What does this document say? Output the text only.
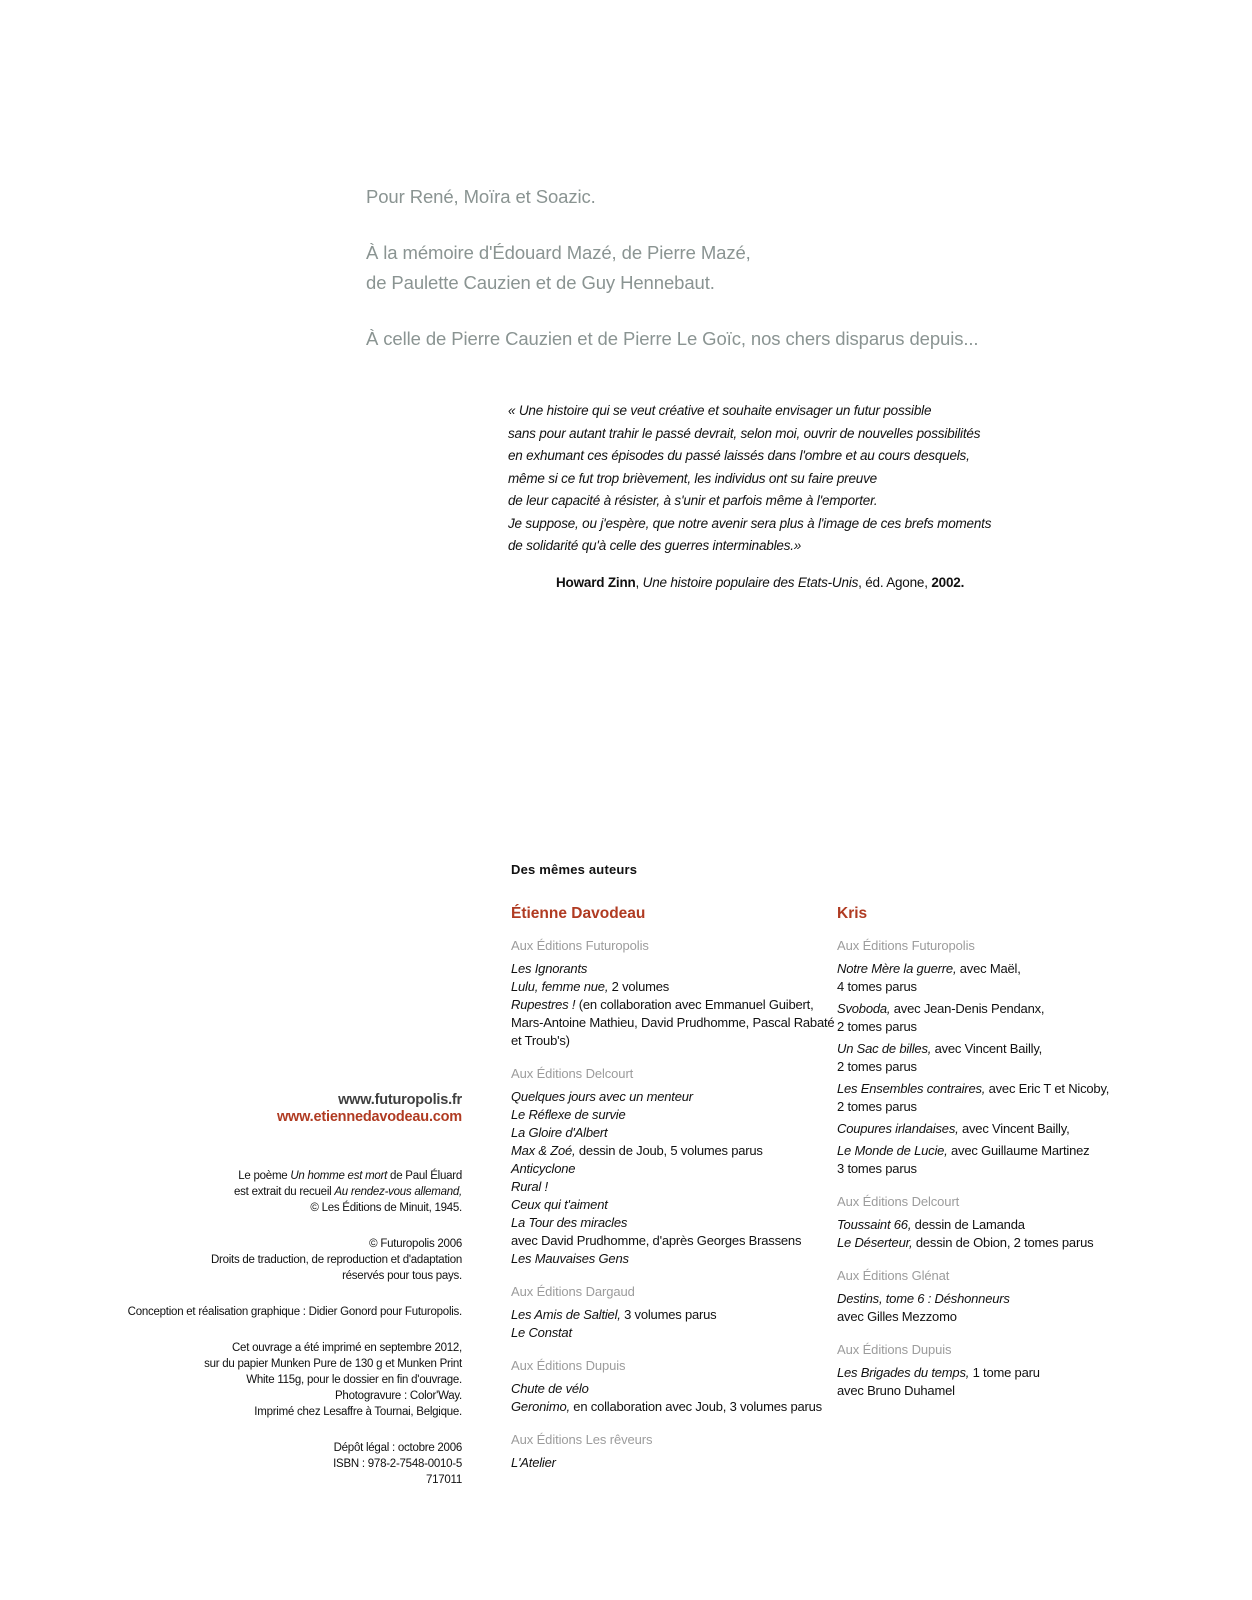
Pour René, Moïra et Soazic.
À la mémoire d'Édouard Mazé, de Pierre Mazé,
de Paulette Cauzien et de Guy Hennebaut.
À celle de Pierre Cauzien et de Pierre Le Goïc, nos chers disparus depuis...
« Une histoire qui se veut créative et souhaite envisager un futur possible
sans pour autant trahir le passé devrait, selon moi, ouvrir de nouvelles possibilités
en exhumant ces épisodes du passé laissés dans l'ombre et au cours desquels,
même si ce fut trop brièvement, les individus ont su faire preuve
de leur capacité à résister, à s'unir et parfois même à l'emporter.
Je suppose, ou j'espère, que notre avenir sera plus à l'image de ces brefs moments
de solidarité qu'à celle des guerres interminables.»
Howard Zinn, Une histoire populaire des Etats-Unis, éd. Agone, 2002.
Des mêmes auteurs
Étienne Davodeau
Aux Éditions Futuropolis
Les Ignorants
Lulu, femme nue, 2 volumes
Rupestres ! (en collaboration avec Emmanuel Guibert,
Mars-Antoine Mathieu, David Prudhomme, Pascal Rabaté
et Troub's)
Aux Éditions Delcourt
Quelques jours avec un menteur
Le Réflexe de survie
La Gloire d'Albert
Max & Zoé, dessin de Joub, 5 volumes parus
Anticyclone
Rural !
Ceux qui t'aiment
La Tour des miracles
avec David Prudhomme, d'après Georges Brassens
Les Mauvaises Gens
Aux Éditions Dargaud
Les Amis de Saltiel, 3 volumes parus
Le Constat
Aux Éditions Dupuis
Chute de vélo
Geronimo, en collaboration avec Joub, 3 volumes parus
Aux Éditions Les rêveurs
L'Atelier
Kris
Aux Éditions Futuropolis
Notre Mère la guerre, avec Maël,
4 tomes parus
Svoboda, avec Jean-Denis Pendanx,
2 tomes parus
Un Sac de billes, avec Vincent Bailly,
2 tomes parus
Les Ensembles contraires, avec Eric T et Nicoby,
2 tomes parus
Coupures irlandaises, avec Vincent Bailly,
Le Monde de Lucie, avec Guillaume Martinez
3 tomes parus
Aux Éditions Delcourt
Toussaint 66, dessin de Lamanda
Le Déserteur, dessin de Obion, 2 tomes parus
Aux Éditions Glénat
Destins, tome 6 : Déshonneurs
avec Gilles Mezzomo
Aux Éditions Dupuis
Les Brigades du temps, 1 tome paru
avec Bruno Duhamel
www.futuropolis.fr
www.etiennedavodeau.com
Le poème Un homme est mort de Paul Éluard
est extrait du recueil Au rendez-vous allemand,
© Les Éditions de Minuit, 1945.
© Futuropolis 2006
Droits de traduction, de reproduction et d'adaptation
réservés pour tous pays.
Conception et réalisation graphique : Didier Gonord pour Futuropolis.
Cet ouvrage a été imprimé en septembre 2012,
sur du papier Munken Pure de 130 g et Munken Print
White 115g, pour le dossier en fin d'ouvrage.
Photogravure : Color'Way.
Imprimé chez Lesaffre à Tournai, Belgique.
Dépôt légal : octobre 2006
ISBN : 978-2-7548-0010-5
717011
